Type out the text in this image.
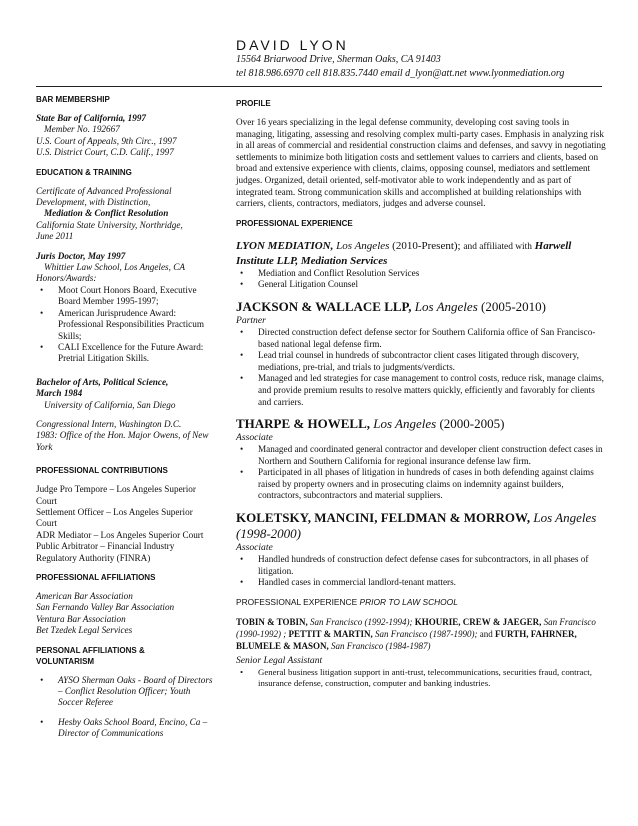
DAVID LYON

15564 Briarwood Drive, Sherman Oaks, CA 91403
tel 818.986.6970 cell 818.835.7440 email d_lyon@att.net www.lyonmediation.org

BAR MEMBERSHIP

State Bar of California, 1997
Member No. 192667
U.S. Court of Appeals, 9th Circ., 1997
U.S. District Court, C.D. Calif., 1997

EDUCATION & TRAINING

Certificate of Advanced Professional
Development, with Distinction,
Mediation & Conflict Resolution
California State University, Northridge,
June 2011
Juris Doctor, May 1997
Whittier Law School, Los Angeles, CA
Honors/Awards:
• Moot Court Honors Board, Executive Board Member 1995-1997;
• American Jurisprudence Award: Professional Responsibilities Practicum Skills;
• CALI Excellence for the Future Award: Pretrial Litigation Skills.
Bachelor of Arts, Political Science,
March 1984
University of California, San Diego
Congressional Intern, Washington D.C.
1983: Office of the Hon. Major Owens, of New York

PROFESSIONAL CONTRIBUTIONS

Judge Pro Tempore – Los Angeles Superior Court
Settlement Officer – Los Angeles Superior Court
ADR Mediator – Los Angeles Superior Court
Public Arbitrator – Financial Industry Regulatory Authority (FINRA)

PROFESSIONAL AFFILIATIONS

American Bar Association
San Fernando Valley Bar Association
Ventura Bar Association
Bet Tzedek Legal Services

PERSONAL AFFILIATIONS &

VOLUNTARISM

• AYSO Sherman Oaks - Board of Directors – Conflict Resolution Officer; Youth Soccer Referee
• Hesby Oaks School Board, Encino, Ca – Director of Communications

PROFILE

Over 16 years specializing in the legal defense community, developing cost saving tools in managing, litigating, assessing and resolving complex multi-party cases. Emphasis in analyzing risk in all areas of commercial and residential construction claims and defenses, and savvy in negotiating settlements to minimize both litigation costs and settlement values to carriers and clients, based on broad and extensive experience with clients, claims, opposing counsel, mediators and settlement judges. Organized, detail oriented, self-motivator able to work independently and as part of integrated team. Strong communication skills and accomplished at building relationships with carriers, clients, contractors, mediators, judges and adverse counsel.

PROFESSIONAL EXPERIENCE

LYON MEDIATION, Los Angeles (2010-Present); and affiliated with Harwell Institute LLP, Mediation Services
• Mediation and Conflict Resolution Services
• General Litigation Counsel
JACKSON & WALLACE LLP, Los Angeles (2005-2010)
Partner
• Directed construction defect defense sector for Southern California office of San Francisco-based national legal defense firm.
• Lead trial counsel in hundreds of subcontractor client cases litigated through discovery, mediations, pre-trial, and trials to judgments/verdicts.
• Managed and led strategies for case management to control costs, reduce risk, manage claims, and provide premium results to resolve matters quickly, efficiently and favorably for clients and carriers.
THARPE & HOWELL, Los Angeles (2000-2005)
Associate
• Managed and coordinated general contractor and developer client construction defect cases in Northern and Southern California for regional insurance defense law firm.
• Participated in all phases of litigation in hundreds of cases in both defending against claims raised by property owners and in prosecuting claims on indemnity against builders, contractors, subcontractors and material suppliers.
KOLETSKY, MANCINI, FELDMAN & MORROW, Los Angeles (1998-2000)
Associate
• Handled hundreds of construction defect defense cases for subcontractors, in all phases of litigation.
• Handled cases in commercial landlord-tenant matters.
PROFESSIONAL EXPERIENCE PRIOR TO LAW SCHOOL
TOBIN & TOBIN, San Francisco (1992-1994); KHOURIE, CREW & JAEGER, San Francisco (1990-1992) ; PETTIT & MARTIN, San Francisco (1987-1990); and FURTH, FAHRNER, BLUMELE & MASON, San Francisco (1984-1987)
Senior Legal Assistant
• General business litigation support in anti-trust, telecommunications, securities fraud, contract, insurance defense, construction, computer and banking industries.
